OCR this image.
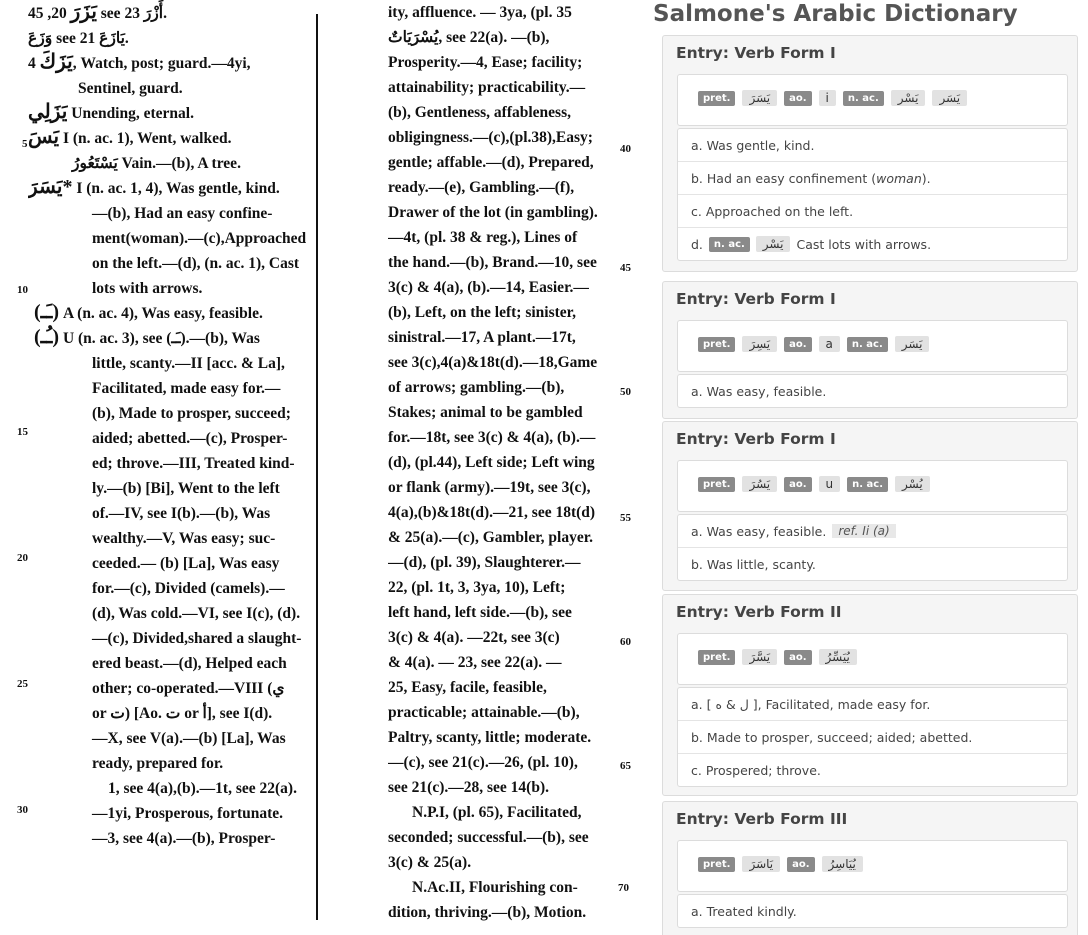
يَزَرَ 20, 45 see أَزْرَ 23.
وَزَعَ see يَازَعَ 21.
يَزَكَ 4, Watch, post; guard.—4yi,
Sentinel, guard.
يَزَلِي Unending, eternal.
يَسَ I (n. ac. 1), Went, walked.
يَسْتَعُورُ Vain.—(b), A tree.
يَسَرَ* I (n. ac. 1, 4), Was gentle, kind.
—(b), Had an easy confine-
ment(woman).—(c),Approached
on the left.—(d), (n. ac. 1), Cast
lots with arrows.
(ـَـ) A (n. ac. 4), Was easy, feasible.
(ـُـ) U (n. ac. 3), see (ـَـ).—(b), Was
little, scanty.—II [acc. & La],
Facilitated, made easy for.—
(b), Made to prosper, succeed;
aided; abetted.—(c), Prosper-
ed; throve.—III, Treated kind-
ly.—(b) [Bi], Went to the left
of.—IV, see I(b).—(b), Was
wealthy.—V, Was easy; suc-
ceeded.— (b) [La], Was easy
for.—(c), Divided (camels).—
(d), Was cold.—VI, see I(c), (d).
—(c), Divided,shared a slaught-
ered beast.—(d), Helped each
other; co-operated.—VIII (ي
or ت) [Ao. ت or أ], see I(d).
—X, see V(a).—(b) [La], Was
ready, prepared for.
1, see 4(a),(b).—1t, see 22(a).
—1yi, Prosperous, fortunate.
—3, see 4(a).—(b), Prosper-
ity, affluence. — 3ya, (pl. 35
يُسْرَيَاتٌ, see 22(a). —(b),
Prosperity.—4, Ease; facility;
attainability; practicability.—
(b), Gentleness, affableness,
obligingness.—(c),(pl.38),Easy;
gentle; affable.—(d), Prepared,
ready.—(e), Gambling.—(f),
Drawer of the lot (in gambling).
—4t, (pl. 38 & reg.), Lines of
the hand.—(b), Brand.—10, see
3(c) & 4(a), (b).—14, Easier.—
(b), Left, on the left; sinister,
sinistral.—17, A plant.—17t,
see 3(c),4(a)&18t(d).—18,Game
of arrows; gambling.—(b),
Stakes; animal to be gambled
for.—18t, see 3(c) & 4(a), (b).—
(d), (pl.44), Left side; Left wing
or flank (army).—19t, see 3(c),
4(a),(b)&18t(d).—21, see 18t(d)
& 25(a).—(c), Gambler, player.
—(d), (pl. 39), Slaughterer.—
22, (pl. 1t, 3, 3ya, 10), Left;
left hand, left side.—(b), see
3(c) & 4(a). —22t, see 3(c)
& 4(a). — 23, see 22(a). —
25, Easy, facile, feasible,
practicable; attainable.—(b),
Paltry, scanty, little; moderate.
—(c), see 21(c).—26, (pl. 10),
see 21(c).—28, see 14(b).
N.P.I, (pl. 65), Facilitated,
seconded; successful.—(b), see
3(c) & 25(a).
N.Ac.II, Flourishing con-
dition, thriving.—(b), Motion.
5
10
15
20
25
30
40
45
50
55
60
65
70
Salmone's Arabic Dictionary
Entry: Verb Form I
pret.	يَسَرَ	ao.	i	n. ac.	يَسْر	يَسَر
a. Was gentle, kind.
b. Had an easy confinement ( woman ).
c. Approached on the left.
d.	n. ac.	يَسْر	Cast lots with arrows.
Entry: Verb Form I
pret.	يَسِرَ	ao.	a	n. ac.	يَسَر
a. Was easy, feasible.
Entry: Verb Form I
pret.	يَسُرَ	ao.	u	n. ac.	يُسْر
a. Was easy, feasible.	ref. Ii (a)
b. Was little, scanty.
Entry: Verb Form II
pret.	يَسَّرَ	ao.	يُيَسِّرُ
a. [ ل & ه ], Facilitated, made easy for.
b. Made to prosper, succeed; aided; abetted.
c. Prospered; throve.
Entry: Verb Form III
pret.	يَاسَرَ	ao.	يُيَاسِرُ
a. Treated kindly.
